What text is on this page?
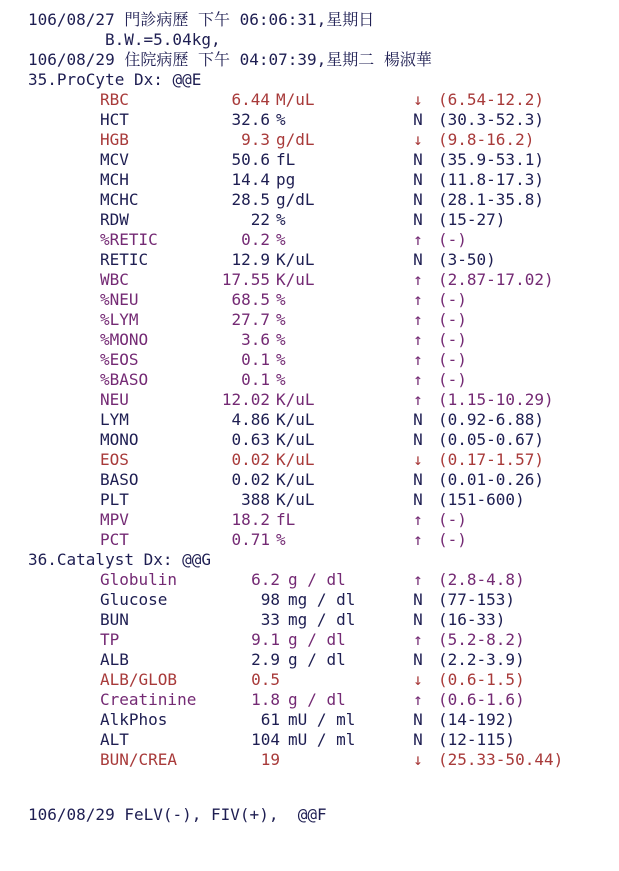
106/08/27 門診病歷 下午 06:06:31,星期日
B.W.=5.04kg,
106/08/29 住院病歷 下午 04:07:39,星期二 楊淑華
35.ProCyte Dx: @@E
RBC	6.44 M/uL	↓ (6.54-12.2)
HCT	32.6 %	N (30.3-52.3)
HGB	9.3 g/dL	↓ (9.8-16.2)
MCV	50.6 fL	N (35.9-53.1)
MCH	14.4 pg	N (11.8-17.3)
MCHC	28.5 g/dL	N (28.1-35.8)
RDW	22 %	N (15-27)
%RETIC	0.2 %	↑ (-)
RETIC	12.9 K/uL	N (3-50)
WBC	17.55 K/uL	↑ (2.87-17.02)
%NEU	68.5 %	↑ (-)
%LYM	27.7 %	↑ (-)
%MONO	3.6 %	↑ (-)
%EOS	0.1 %	↑ (-)
%BASO	0.1 %	↑ (-)
NEU	12.02 K/uL	↑ (1.15-10.29)
LYM	4.86 K/uL	N (0.92-6.88)
MONO	0.63 K/uL	N (0.05-0.67)
EOS	0.02 K/uL	↓ (0.17-1.57)
BASO	0.02 K/uL	N (0.01-0.26)
PLT	388 K/uL	N (151-600)
MPV	18.2 fL	↑ (-)
PCT	0.71 %	↑ (-)
36.Catalyst Dx: @@G
Globulin	6.2 g / dl	↑ (2.8-4.8)
Glucose	98 mg / dl	N (77-153)
BUN	33 mg / dl	N (16-33)
TP	9.1 g / dl	↑ (5.2-8.2)
ALB	2.9 g / dl	N (2.2-3.9)
ALB/GLOB	0.5	↓ (0.6-1.5)
Creatinine	1.8 g / dl	↑ (0.6-1.6)
AlkPhos	61 mU / ml	N (14-192)
ALT	104 mU / ml	N (12-115)
BUN/CREA	19	↓ (25.33-50.44)
106/08/29 FeLV(-), FIV(+),  @@F
